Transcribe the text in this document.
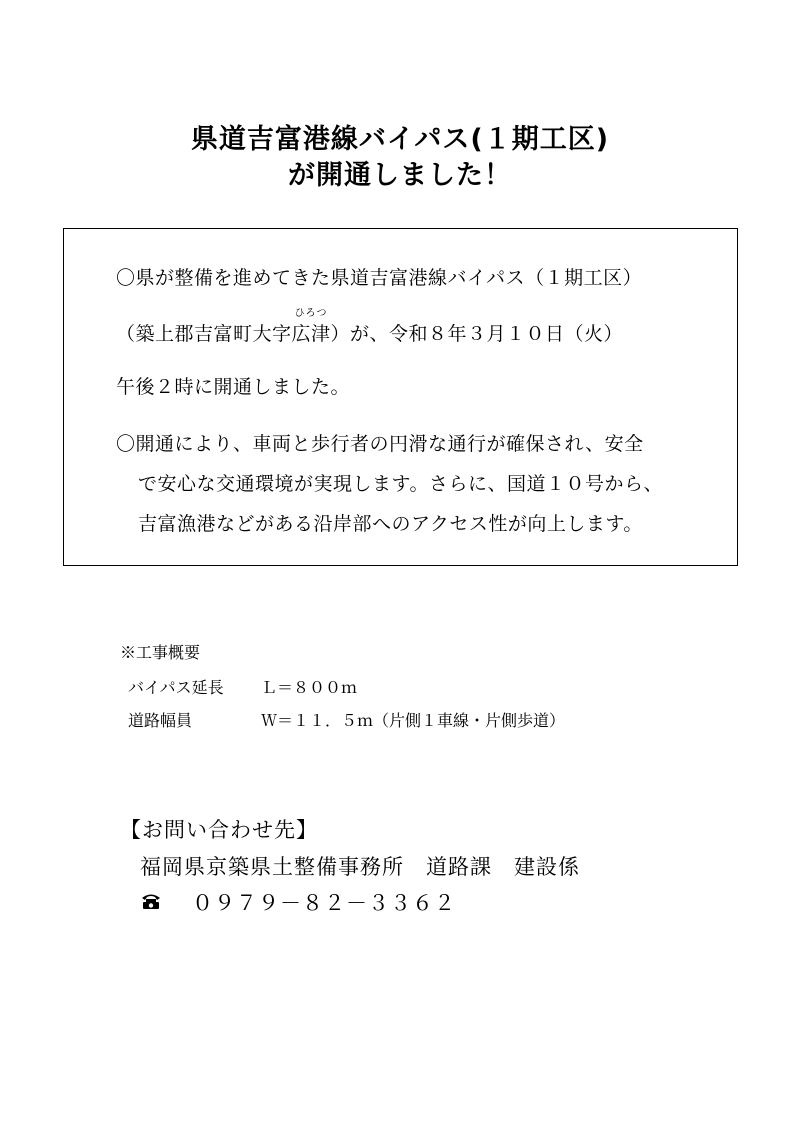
県道吉富港線バイパス(１期工区)
が開通しました！
〇県が整備を進めてきた県道吉富港線バイパス（１期工区）
（築上郡吉富町大字
ひろつ
広津）が、令和８年３月１０日（火）
午後２時に開通しました。
〇開通により、車両と歩行者の円滑な通行が確保され、安全
で安心な交通環境が実現します。さらに、国道１０号から、
吉富漁港などがある沿岸部へのアクセス性が向上します。
※工事概要
バイパス延長 Ｌ＝８００ｍ
道路幅員	Ｗ＝１１．５ｍ（片側１車線・片側歩道）
【お問い合わせ先】
福岡県京築県土整備事務所　道路課　建設係
０９７９－８２－３３６２
